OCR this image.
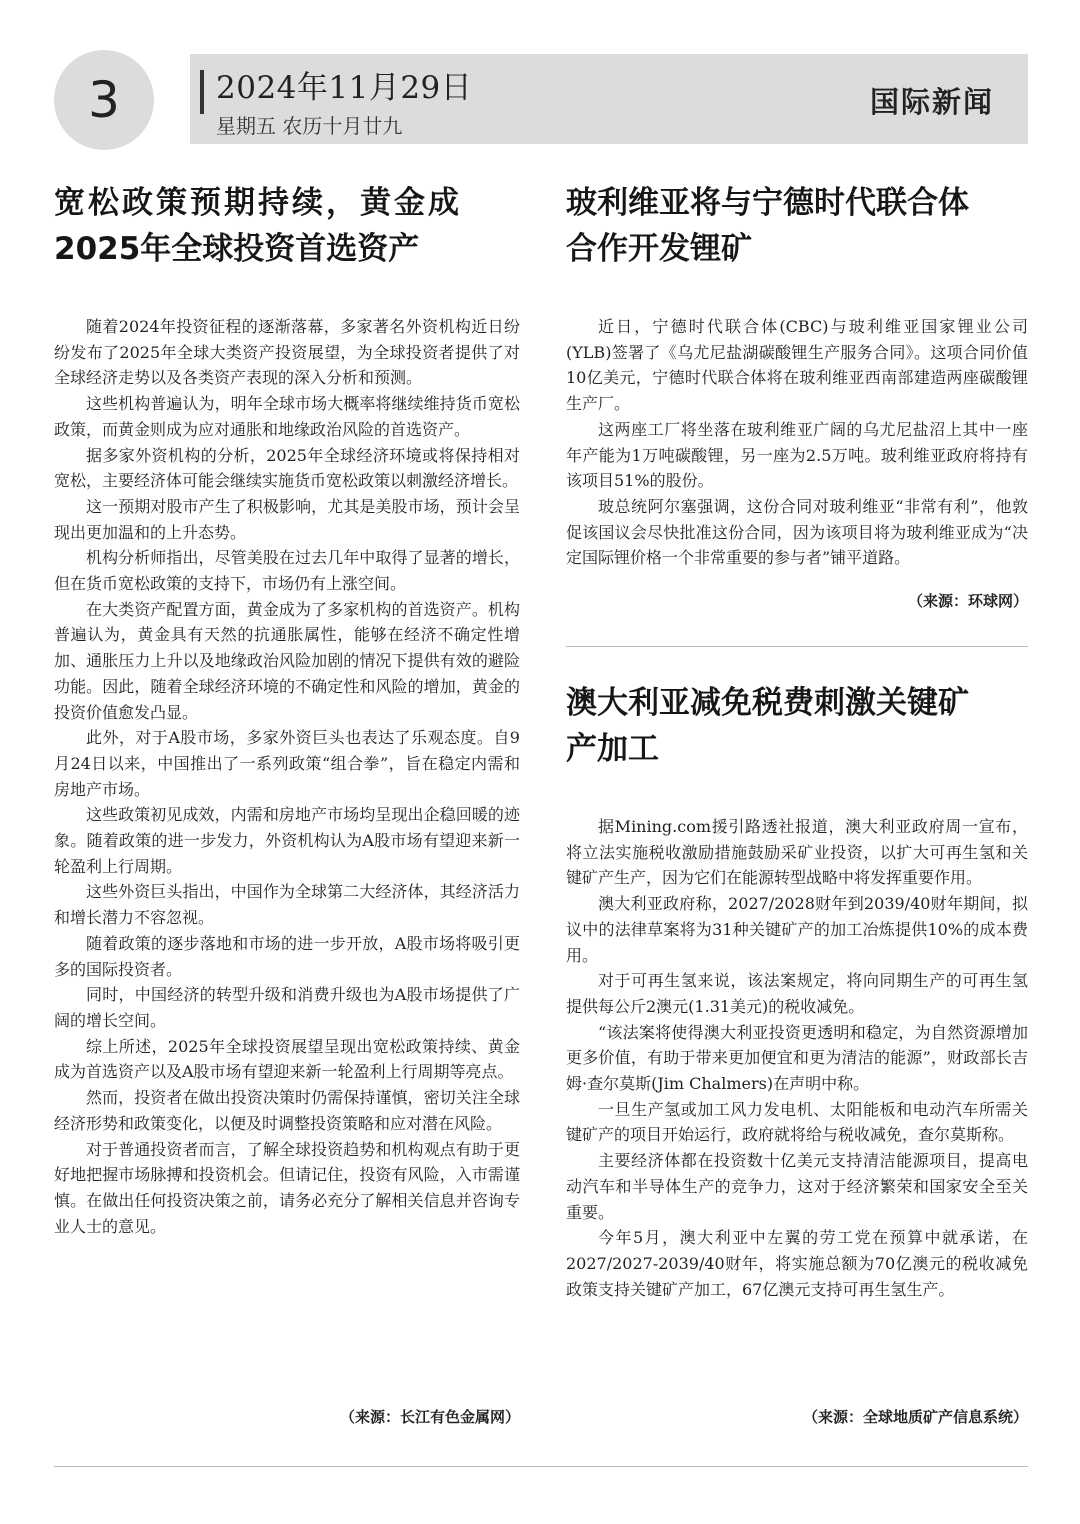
3	2024年11月29日
星期五 农历十月廿九
国际新闻
宽松政策预期持续，黄金成
2025年全球投资首选资产

随着2024年投资征程的逐渐落幕，多家著名外资机构近日纷纷发布了2025年全球大类资产投资展望，为全球投资者提供了对全球经济走势以及各类资产表现的深入分析和预测。

这些机构普遍认为，明年全球市场大概率将继续维持货币宽松政策，而黄金则成为应对通胀和地缘政治风险的首选资产。

据多家外资机构的分析，2025年全球经济环境或将保持相对宽松，主要经济体可能会继续实施货币宽松政策以刺激经济增长。

这一预期对股市产生了积极影响，尤其是美股市场，预计会呈现出更加温和的上升态势。

机构分析师指出，尽管美股在过去几年中取得了显著的增长，但在货币宽松政策的支持下，市场仍有上涨空间。

在大类资产配置方面，黄金成为了多家机构的首选资产。机构普遍认为，黄金具有天然的抗通胀属性，能够在经济不确定性增加、通胀压力上升以及地缘政治风险加剧的情况下提供有效的避险功能。因此，随着全球经济环境的不确定性和风险的增加，黄金的投资价值愈发凸显。

此外，对于A股市场，多家外资巨头也表达了乐观态度。自9月24日以来，中国推出了一系列政策“组合拳”，旨在稳定内需和房地产市场。

这些政策初见成效，内需和房地产市场均呈现出企稳回暖的迹象。随着政策的进一步发力，外资机构认为A股市场有望迎来新一轮盈利上行周期。

这些外资巨头指出，中国作为全球第二大经济体，其经济活力和增长潜力不容忽视。

随着政策的逐步落地和市场的进一步开放，A股市场将吸引更多的国际投资者。

同时，中国经济的转型升级和消费升级也为A股市场提供了广阔的增长空间。

综上所述，2025年全球投资展望呈现出宽松政策持续、黄金成为首选资产以及A股市场有望迎来新一轮盈利上行周期等亮点。

然而，投资者在做出投资决策时仍需保持谨慎，密切关注全球经济形势和政策变化，以便及时调整投资策略和应对潜在风险。

对于普通投资者而言，了解全球投资趋势和机构观点有助于更好地把握市场脉搏和投资机会。但请记住，投资有风险，入市需谨慎。在做出任何投资决策之前，请务必充分了解相关信息并咨询专业人士的意见。

（来源：长江有色金属网）
玻利维亚将与宁德时代联合体
合作开发锂矿

近日，宁德时代联合体(CBC)与玻利维亚国家锂业公司(YLB)签署了《乌尤尼盐湖碳酸锂生产服务合同》。这项合同价值10亿美元，宁德时代联合体将在玻利维亚西南部建造两座碳酸锂生产厂。

这两座工厂将坐落在玻利维亚广阔的乌尤尼盐沼上其中一座年产能为1万吨碳酸锂，另一座为2.5万吨。玻利维亚政府将持有该项目51%的股份。

玻总统阿尔塞强调，这份合同对玻利维亚“非常有利”，他敦促该国议会尽快批准这份合同，因为该项目将为玻利维亚成为“决定国际锂价格一个非常重要的参与者”铺平道路。

（来源：环球网）
澳大利亚减免税费刺激关键矿
产加工

据Mining.com援引路透社报道，澳大利亚政府周一宣布，将立法实施税收激励措施鼓励采矿业投资，以扩大可再生氢和关键矿产生产，因为它们在能源转型战略中将发挥重要作用。

澳大利亚政府称，2027/2028财年到2039/40财年期间，拟议中的法律草案将为31种关键矿产的加工冶炼提供10%的成本费用。

对于可再生氢来说，该法案规定，将向同期生产的可再生氢提供每公斤2澳元(1.31美元)的税收减免。

“该法案将使得澳大利亚投资更透明和稳定，为自然资源增加更多价值，有助于带来更加便宜和更为清洁的能源”，财政部长吉姆·查尔莫斯(Jim Chalmers)在声明中称。

一旦生产氢或加工风力发电机、太阳能板和电动汽车所需关键矿产的项目开始运行，政府就将给与税收减免，查尔莫斯称。

主要经济体都在投资数十亿美元支持清洁能源项目，提高电动汽车和半导体生产的竞争力，这对于经济繁荣和国家安全至关重要。

今年5月，澳大利亚中左翼的劳工党在预算中就承诺，在2027/2027-2039/40财年，将实施总额为70亿澳元的税收减免政策支持关键矿产加工，67亿澳元支持可再生氢生产。

（来源：全球地质矿产信息系统）
